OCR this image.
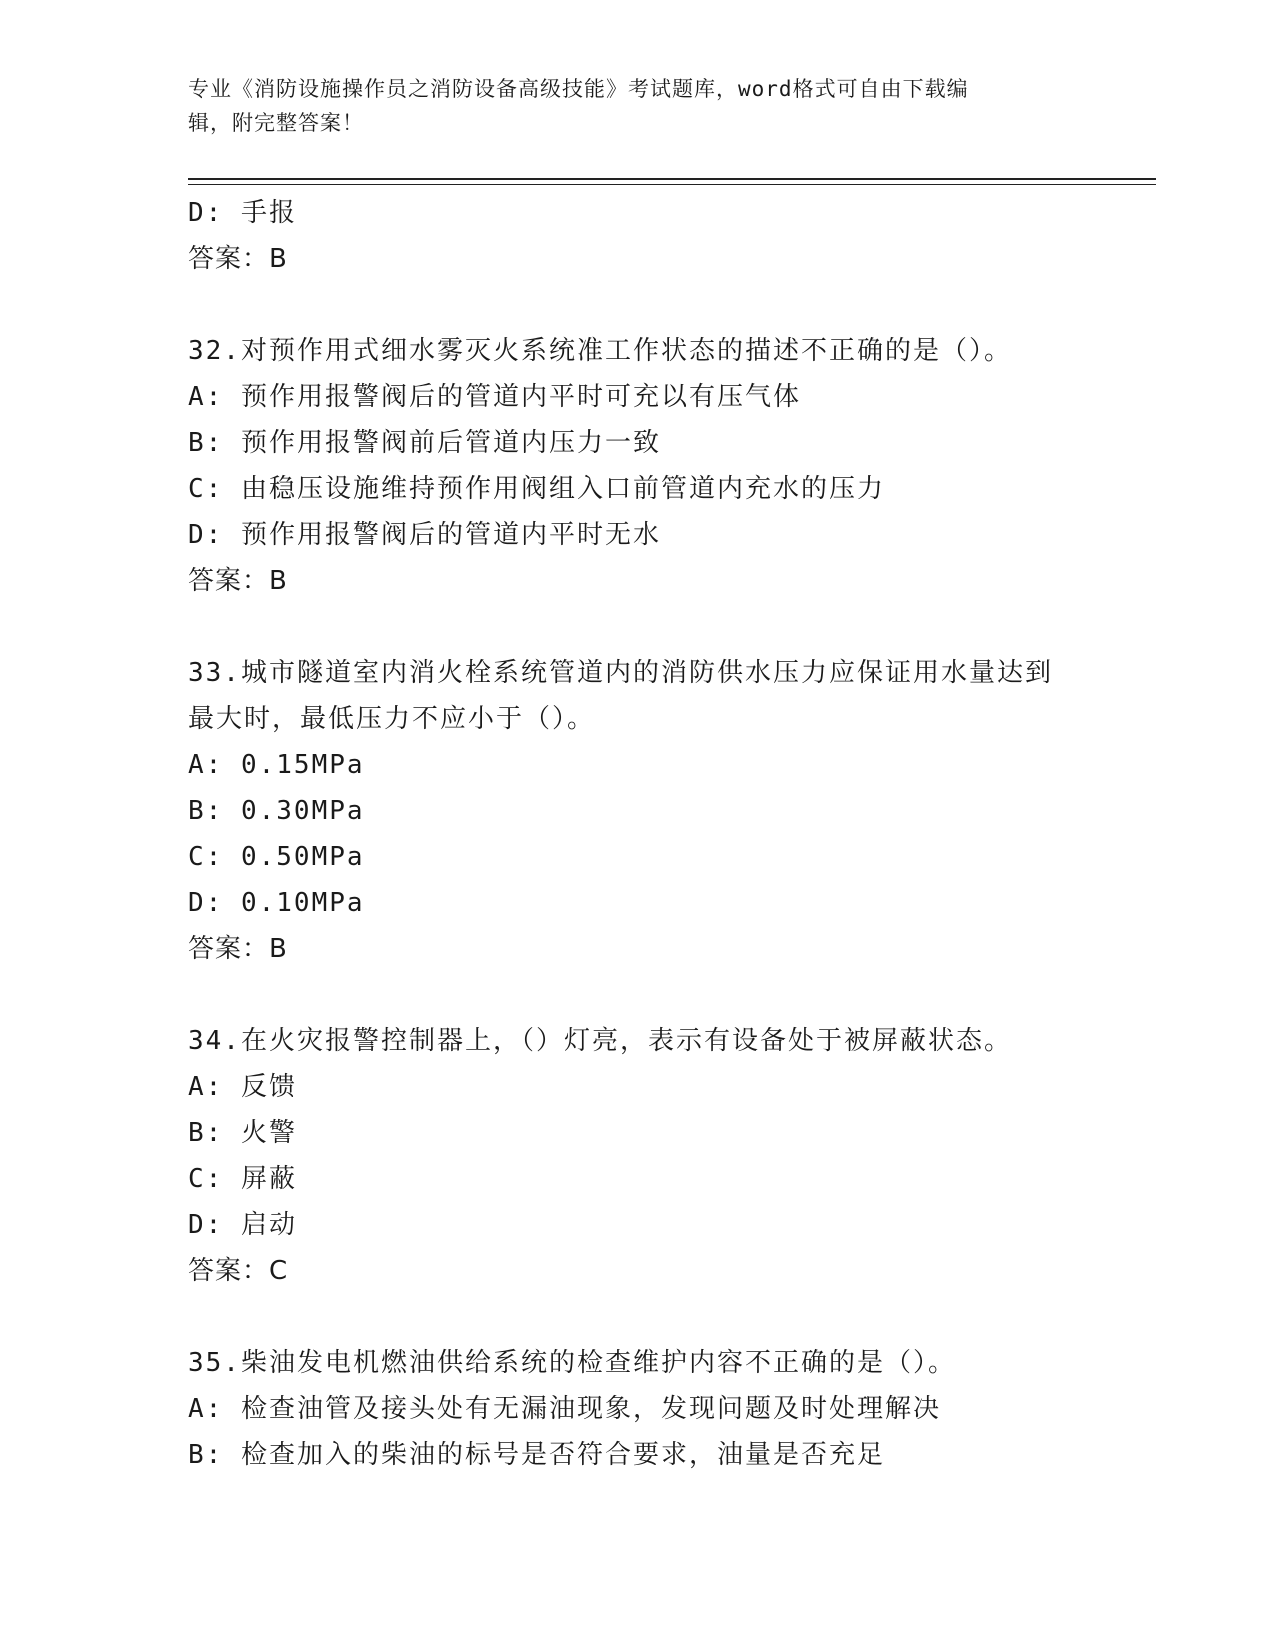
专业《消防设施操作员之消防设备高级技能》考试题库，word格式可自由下载编
辑，附完整答案！
D: 手报
答案：B
32.对预作用式细水雾灭火系统准工作状态的描述不正确的是（）。
A: 预作用报警阀后的管道内平时可充以有压气体
B: 预作用报警阀前后管道内压力一致
C: 由稳压设施维持预作用阀组入口前管道内充水的压力
D: 预作用报警阀后的管道内平时无水
答案：B
33.城市隧道室内消火栓系统管道内的消防供水压力应保证用水量达到
最大时，最低压力不应小于（）。
A: 0.15MPa
B: 0.30MPa
C: 0.50MPa
D: 0.10MPa
答案：B
34.在火灾报警控制器上，（）灯亮，表示有设备处于被屏蔽状态。
A: 反馈
B: 火警
C: 屏蔽
D: 启动
答案：C
35.柴油发电机燃油供给系统的检查维护内容不正确的是（）。
A: 检查油管及接头处有无漏油现象，发现问题及时处理解决
B: 检查加入的柴油的标号是否符合要求，油量是否充足
